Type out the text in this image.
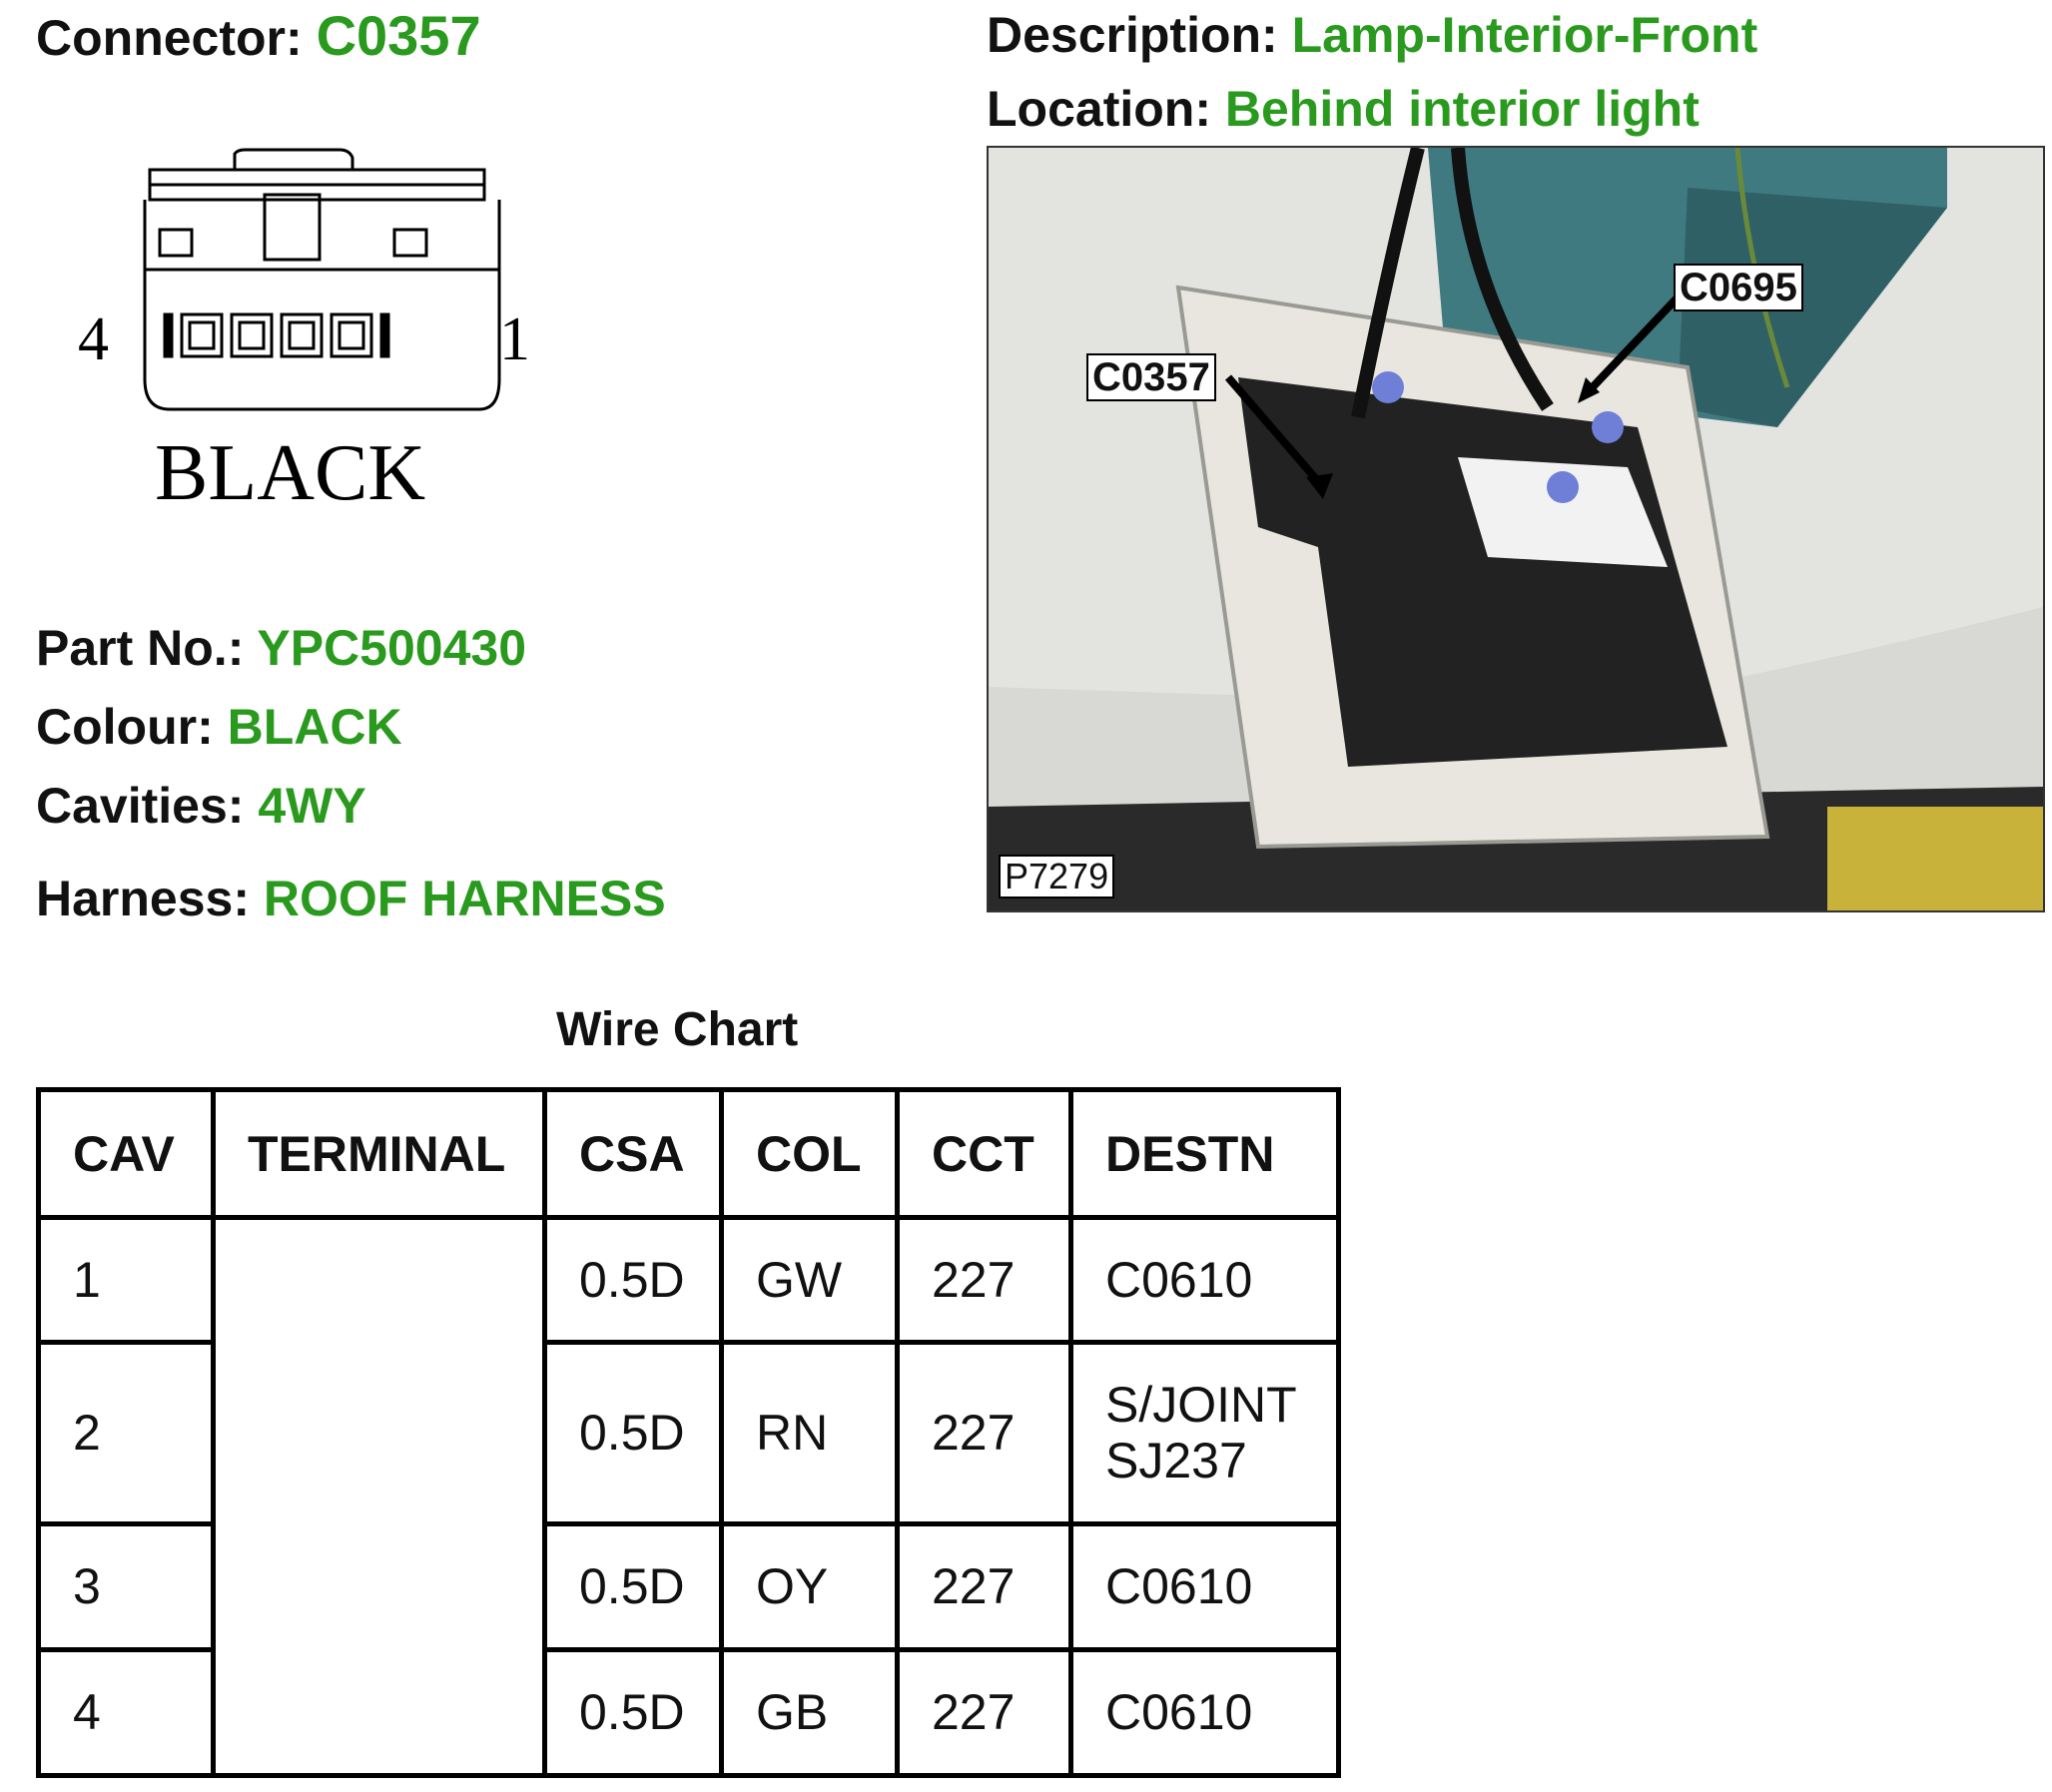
Connector: C0357	Description: Lamp-Interior-Front
Location: Behind interior light
4	1
BLACK
Part No.: YPC500430
Colour: BLACK
Cavities: 4WY
Harness: ROOF HARNESS
C0357
C0695
P7279
Wire Chart
CAV	TERMINAL	CSA	COL	CCT	DESTN
1		0.5D	GW	227	C0610
2		0.5D	RN	227	S/JOINT
SJ237
3		0.5D	OY	227	C0610
4		0.5D	GB	227	C0610
